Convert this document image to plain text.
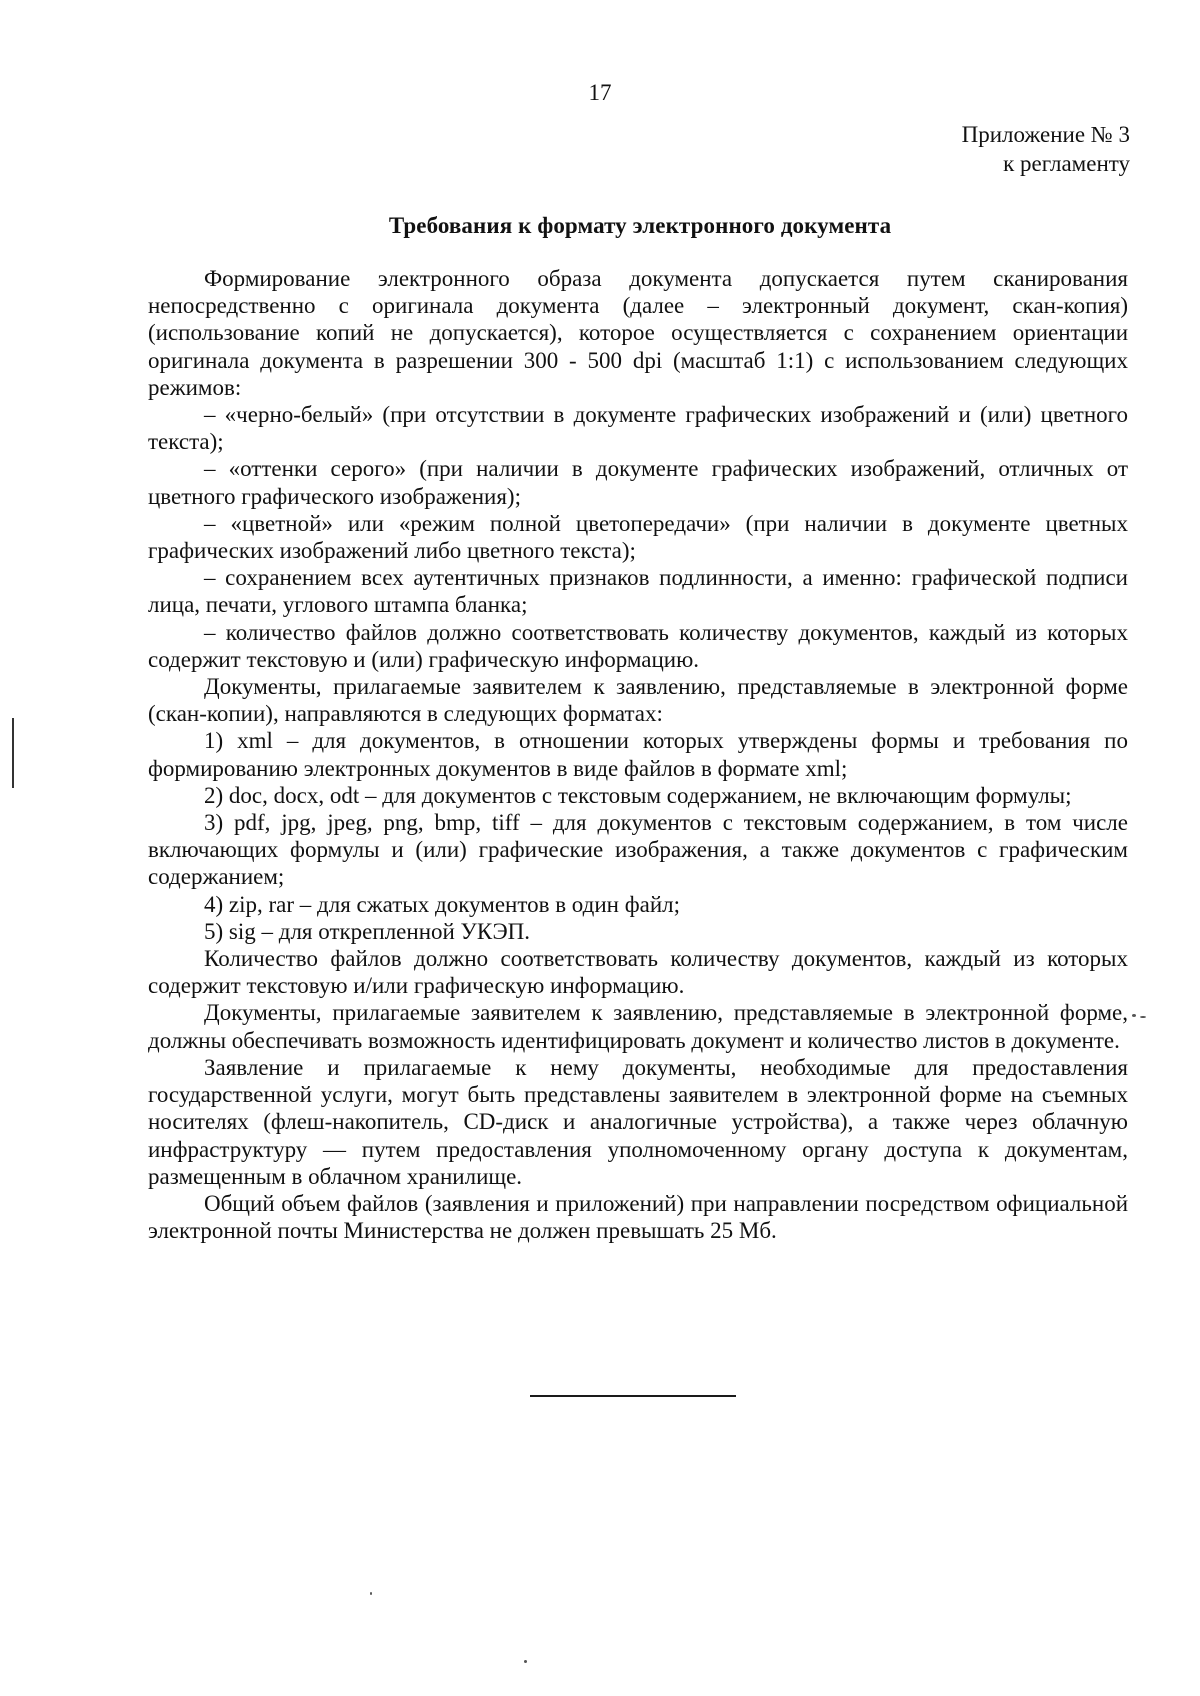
17
Приложение № 3
к регламенту
Требования к формату электронного документа

Формирование электронного образа документа допускается путем сканирования непосредственно с оригинала документа (далее – электронный документ, скан-копия) (использование копий не допускается), которое осуществляется с сохранением ориентации оригинала документа в разрешении 300 - 500 dpi (масштаб 1:1) с использованием следующих режимов:

– «черно-белый» (при отсутствии в документе графических изображений и (или) цветного текста);

– «оттенки серого» (при наличии в документе графических изображений, отличных от цветного графического изображения);

– «цветной» или «режим полной цветопередачи» (при наличии в документе цветных графических изображений либо цветного текста);

– сохранением всех аутентичных признаков подлинности, а именно: графической подписи лица, печати, углового штампа бланка;

– количество файлов должно соответствовать количеству документов, каждый из которых содержит текстовую и (или) графическую информацию.

Документы, прилагаемые заявителем к заявлению, представляемые в электронной форме (скан-копии), направляются в следующих форматах:

1) xml – для документов, в отношении которых утверждены формы и требования по формированию электронных документов в виде файлов в формате xml;

2) doc, docx, odt – для документов с текстовым содержанием, не включающим формулы;

3) pdf, jpg, jpeg, png, bmp, tiff – для документов с текстовым содержанием, в том числе включающих формулы и (или) графические изображения, а также документов с графическим содержанием;

4) zip, rar – для сжатых документов в один файл;

5) sig – для открепленной УКЭП.

Количество файлов должно соответствовать количеству документов, каждый из которых содержит текстовую и/или графическую информацию.

Документы, прилагаемые заявителем к заявлению, представляемые в электронной форме, должны обеспечивать возможность идентифицировать документ и количество листов в документе.

Заявление и прилагаемые к нему документы, необходимые для предоставления государственной услуги, могут быть представлены заявителем в электронной форме на съемных носителях (флеш-накопитель, CD-диск и аналогичные устройства), а также через облачную инфраструктуру — путем предоставления уполномоченному органу доступа к документам, размещенным в облачном хранилище.

Общий объем файлов (заявления и приложений) при направлении посредством официальной электронной почты Министерства не должен превышать 25 Мб.
